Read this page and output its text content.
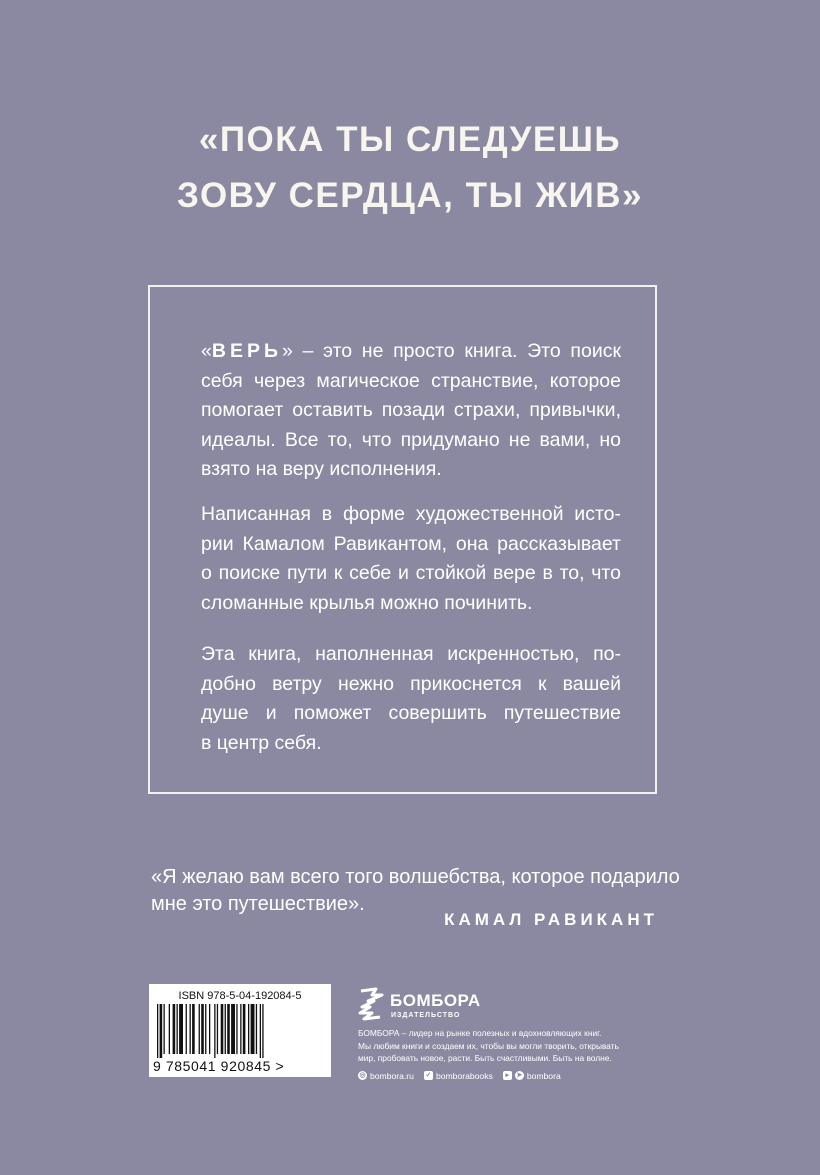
«ПОКА ТЫ СЛЕДУЕШЬ
ЗОВУ СЕРДЦА, ТЫ ЖИВ»
«ВЕРЬ» – это не просто книга. Это поиск
себя через магическое странствие, которое
помогает оставить позади страхи, привычки,
идеалы. Все то, что придумано не вами, но
взято на веру исполнения.
Написанная в форме художественной исто-
рии Камалом Равикантом, она рассказывает
о поиске пути к себе и стойкой вере в то, что
сломанные крылья можно починить.
Эта книга, наполненная искренностью, по-
добно ветру нежно прикоснется к вашей
душе и поможет совершить путешествие
в центр себя.
«Я желаю вам всего того волшебства, которое подарило
мне это путешествие».
КАМАЛ РАВИКАНТ
ISBN 978-5-04-192084-5
9 785041 920845 >
БОМБОРА
ИЗДАТЕЛЬСТВО
БОМБОРА – лидер на рынке полезных и вдохновляющих книг.
Мы любим книги и создаем их, чтобы вы могли творить, открывать
мир, пробовать новое, расти. Быть счастливыми. Быть на волне.
◎ bombora.ru ✓ bomborabooks	▸	➤ bombora
